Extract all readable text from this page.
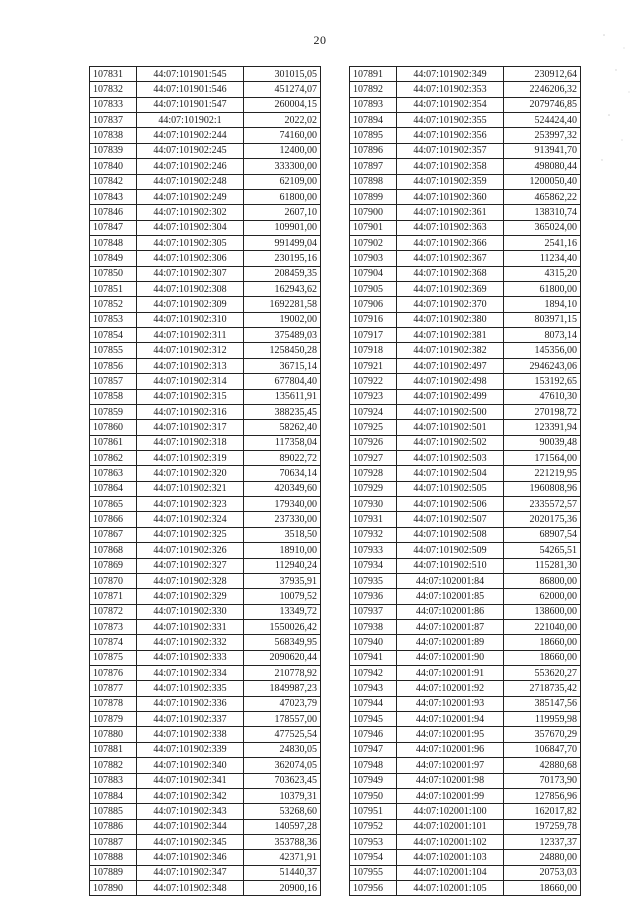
20
107831	44:07:101901:545	301015,05
107832	44:07:101901:546	451274,07
107833	44:07:101901:547	260004,15
107837	44:07:101902:1	2022,02
107838	44:07:101902:244	74160,00
107839	44:07:101902:245	12400,00
107840	44:07:101902:246	333300,00
107842	44:07:101902:248	62109,00
107843	44:07:101902:249	61800,00
107846	44:07:101902:302	2607,10
107847	44:07:101902:304	109901,00
107848	44:07:101902:305	991499,04
107849	44:07:101902:306	230195,16
107850	44:07:101902:307	208459,35
107851	44:07:101902:308	162943,62
107852	44:07:101902:309	1692281,58
107853	44:07:101902:310	19002,00
107854	44:07:101902:311	375489,03
107855	44:07:101902:312	1258450,28
107856	44:07:101902:313	36715,14
107857	44:07:101902:314	677804,40
107858	44:07:101902:315	135611,91
107859	44:07:101902:316	388235,45
107860	44:07:101902:317	58262,40
107861	44:07:101902:318	117358,04
107862	44:07:101902:319	89022,72
107863	44:07:101902:320	70634,14
107864	44:07:101902:321	420349,60
107865	44:07:101902:323	179340,00
107866	44:07:101902:324	237330,00
107867	44:07:101902:325	3518,50
107868	44:07:101902:326	18910,00
107869	44:07:101902:327	112940,24
107870	44:07:101902:328	37935,91
107871	44:07:101902:329	10079,52
107872	44:07:101902:330	13349,72
107873	44:07:101902:331	1550026,42
107874	44:07:101902:332	568349,95
107875	44:07:101902:333	2090620,44
107876	44:07:101902:334	210778,92
107877	44:07:101902:335	1849987,23
107878	44:07:101902:336	47023,79
107879	44:07:101902:337	178557,00
107880	44:07:101902:338	477525,54
107881	44:07:101902:339	24830,05
107882	44:07:101902:340	362074,05
107883	44:07:101902:341	703623,45
107884	44:07:101902:342	10379,31
107885	44:07:101902:343	53268,60
107886	44:07:101902:344	140597,28
107887	44:07:101902:345	353788,36
107888	44:07:101902:346	42371,91
107889	44:07:101902:347	51440,37
107890	44:07:101902:348	20900,16
107891	44:07:101902:349	230912,64
107892	44:07:101902:353	2246206,32
107893	44:07:101902:354	2079746,85
107894	44:07:101902:355	524424,40
107895	44:07:101902:356	253997,32
107896	44:07:101902:357	913941,70
107897	44:07:101902:358	498080,44
107898	44:07:101902:359	1200050,40
107899	44:07:101902:360	465862,22
107900	44:07:101902:361	138310,74
107901	44:07:101902:363	365024,00
107902	44:07:101902:366	2541,16
107903	44:07:101902:367	11234,40
107904	44:07:101902:368	4315,20
107905	44:07:101902:369	61800,00
107906	44:07:101902:370	1894,10
107916	44:07:101902:380	803971,15
107917	44:07:101902:381	8073,14
107918	44:07:101902:382	145356,00
107921	44:07:101902:497	2946243,06
107922	44:07:101902:498	153192,65
107923	44:07:101902:499	47610,30
107924	44:07:101902:500	270198,72
107925	44:07:101902:501	123391,94
107926	44:07:101902:502	90039,48
107927	44:07:101902:503	171564,00
107928	44:07:101902:504	221219,95
107929	44:07:101902:505	1960808,96
107930	44:07:101902:506	2335572,57
107931	44:07:101902:507	2020175,36
107932	44:07:101902:508	68907,54
107933	44:07:101902:509	54265,51
107934	44:07:101902:510	115281,30
107935	44:07:102001:84	86800,00
107936	44:07:102001:85	62000,00
107937	44:07:102001:86	138600,00
107938	44:07:102001:87	221040,00
107940	44:07:102001:89	18660,00
107941	44:07:102001:90	18660,00
107942	44:07:102001:91	553620,27
107943	44:07:102001:92	2718735,42
107944	44:07:102001:93	385147,56
107945	44:07:102001:94	119959,98
107946	44:07:102001:95	357670,29
107947	44:07:102001:96	106847,70
107948	44:07:102001:97	42880,68
107949	44:07:102001:98	70173,90
107950	44:07:102001:99	127856,96
107951	44:07:102001:100	162017,82
107952	44:07:102001:101	197259,78
107953	44:07:102001:102	12337,37
107954	44:07:102001:103	24880,00
107955	44:07:102001:104	20753,03
107956	44:07:102001:105	18660,00
